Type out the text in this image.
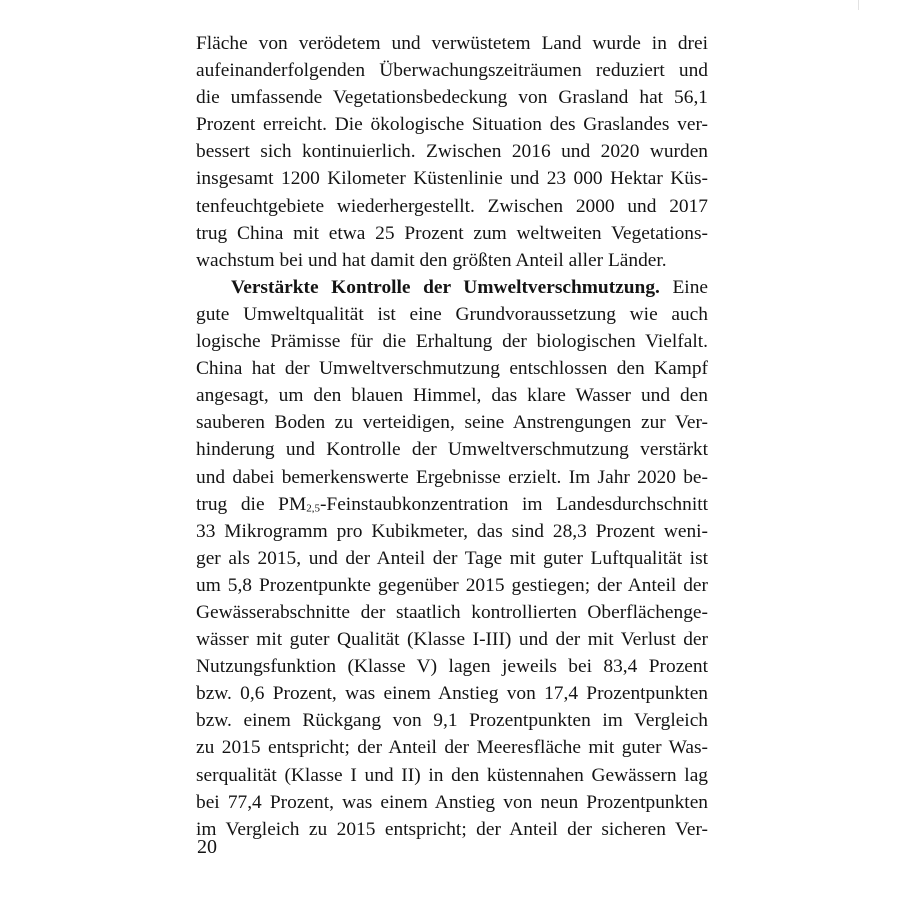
Fläche von verödetem und verwüstetem Land wurde in drei
aufeinanderfolgenden Überwachungszeiträumen reduziert und
die umfassende Vegetationsbedeckung von Grasland hat 56,1
Prozent erreicht. Die ökologische Situation des Graslandes ver-
bessert sich kontinuierlich. Zwischen 2016 und 2020 wurden
insgesamt 1200 Kilometer Küstenlinie und 23 000 Hektar Küs-
tenfeuchtgebiete wiederhergestellt. Zwischen 2000 und 2017
trug China mit etwa 25 Prozent zum weltweiten Vegetations-
wachstum bei und hat damit den größten Anteil aller Länder.
Verstärkte Kontrolle der Umweltverschmutzung. Eine
gute Umweltqualität ist eine Grundvoraussetzung wie auch
logische Prämisse für die Erhaltung der biologischen Vielfalt.
China hat der Umweltverschmutzung entschlossen den Kampf
angesagt, um den blauen Himmel, das klare Wasser und den
sauberen Boden zu verteidigen, seine Anstrengungen zur Ver-
hinderung und Kontrolle der Umweltverschmutzung verstärkt
und dabei bemerkenswerte Ergebnisse erzielt. Im Jahr 2020 be-
trug die $PM_{2,5}$-Feinstaubkonzentration im Landesdurchschnitt
33 Mikrogramm pro Kubikmeter, das sind 28,3 Prozent weni-
ger als 2015, und der Anteil der Tage mit guter Luftqualität ist
um 5,8 Prozentpunkte gegenüber 2015 gestiegen; der Anteil der
Gewässerabschnitte der staatlich kontrollierten Oberflächenge-
wässer mit guter Qualität (Klasse I-III) und der mit Verlust der
Nutzungsfunktion (Klasse V) lagen jeweils bei 83,4 Prozent
bzw. 0,6 Prozent, was einem Anstieg von 17,4 Prozentpunkten
bzw. einem Rückgang von 9,1 Prozentpunkten im Vergleich
zu 2015 entspricht; der Anteil der Meeresfläche mit guter Was-
serqualität (Klasse I und II) in den küstennahen Gewässern lag
bei 77,4 Prozent, was einem Anstieg von neun Prozentpunkten
im Vergleich zu 2015 entspricht; der Anteil der sicheren Ver-
20
